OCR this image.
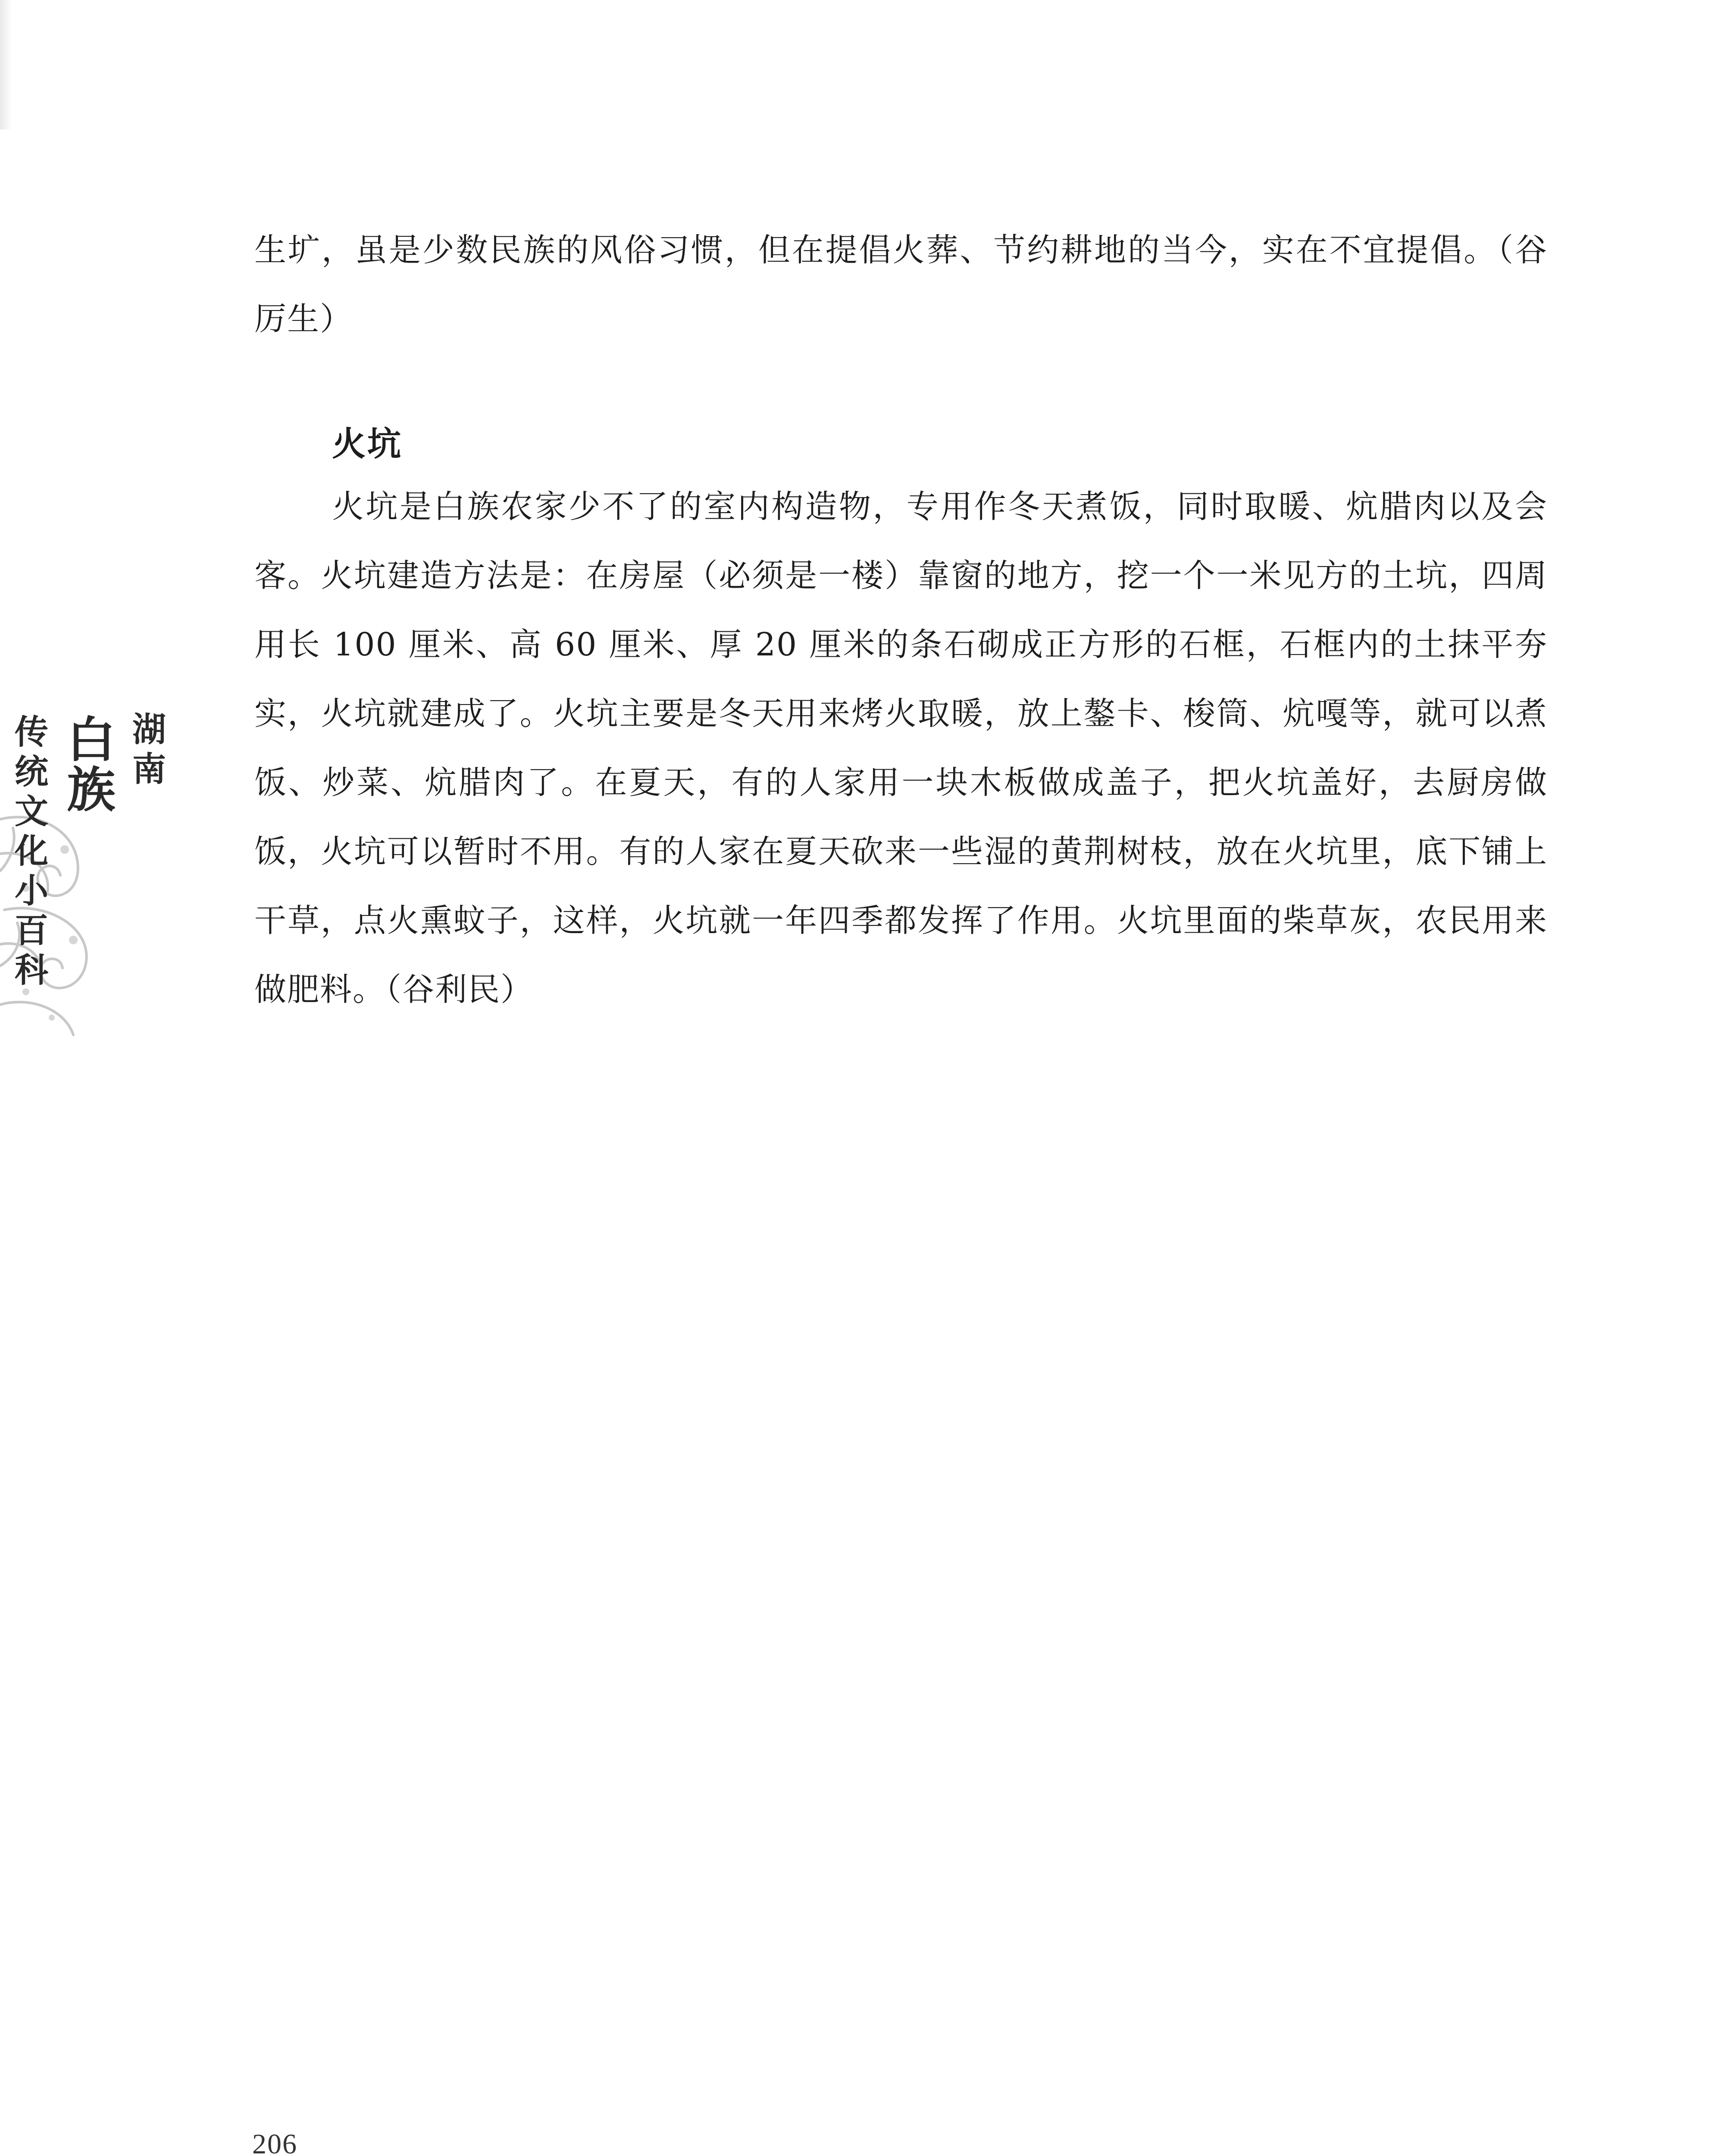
生圹，虽是少数民族的风俗习惯，但在提倡火葬、节约耕地的当今，实在不宜提倡。（谷厉生）
火坑
火坑是白族农家少不了的室内构造物，专用作冬天煮饭，同时取暖、炕腊肉以及会客。火坑建造方法是：在房屋（必须是一楼）靠窗的地方，挖一个一米见方的土坑，四周用长 100 厘米、高 60 厘米、厚 20 厘米的条石砌成正方形的石框，石框内的土抹平夯实，火坑就建成了。火坑主要是冬天用来烤火取暖，放上鏊卡、梭筒、炕嘎等，就可以煮饭、炒菜、炕腊肉了。在夏天，有的人家用一块木板做成盖子，把火坑盖好，去厨房做饭，火坑可以暂时不用。有的人家在夏天砍来一些湿的黄荆树枝，放在火坑里，底下铺上干草，点火熏蚊子，这样，火坑就一年四季都发挥了作用。火坑里面的柴草灰，农民用来做肥料。（谷利民）
湖南
白族
传统文化小百科
206
